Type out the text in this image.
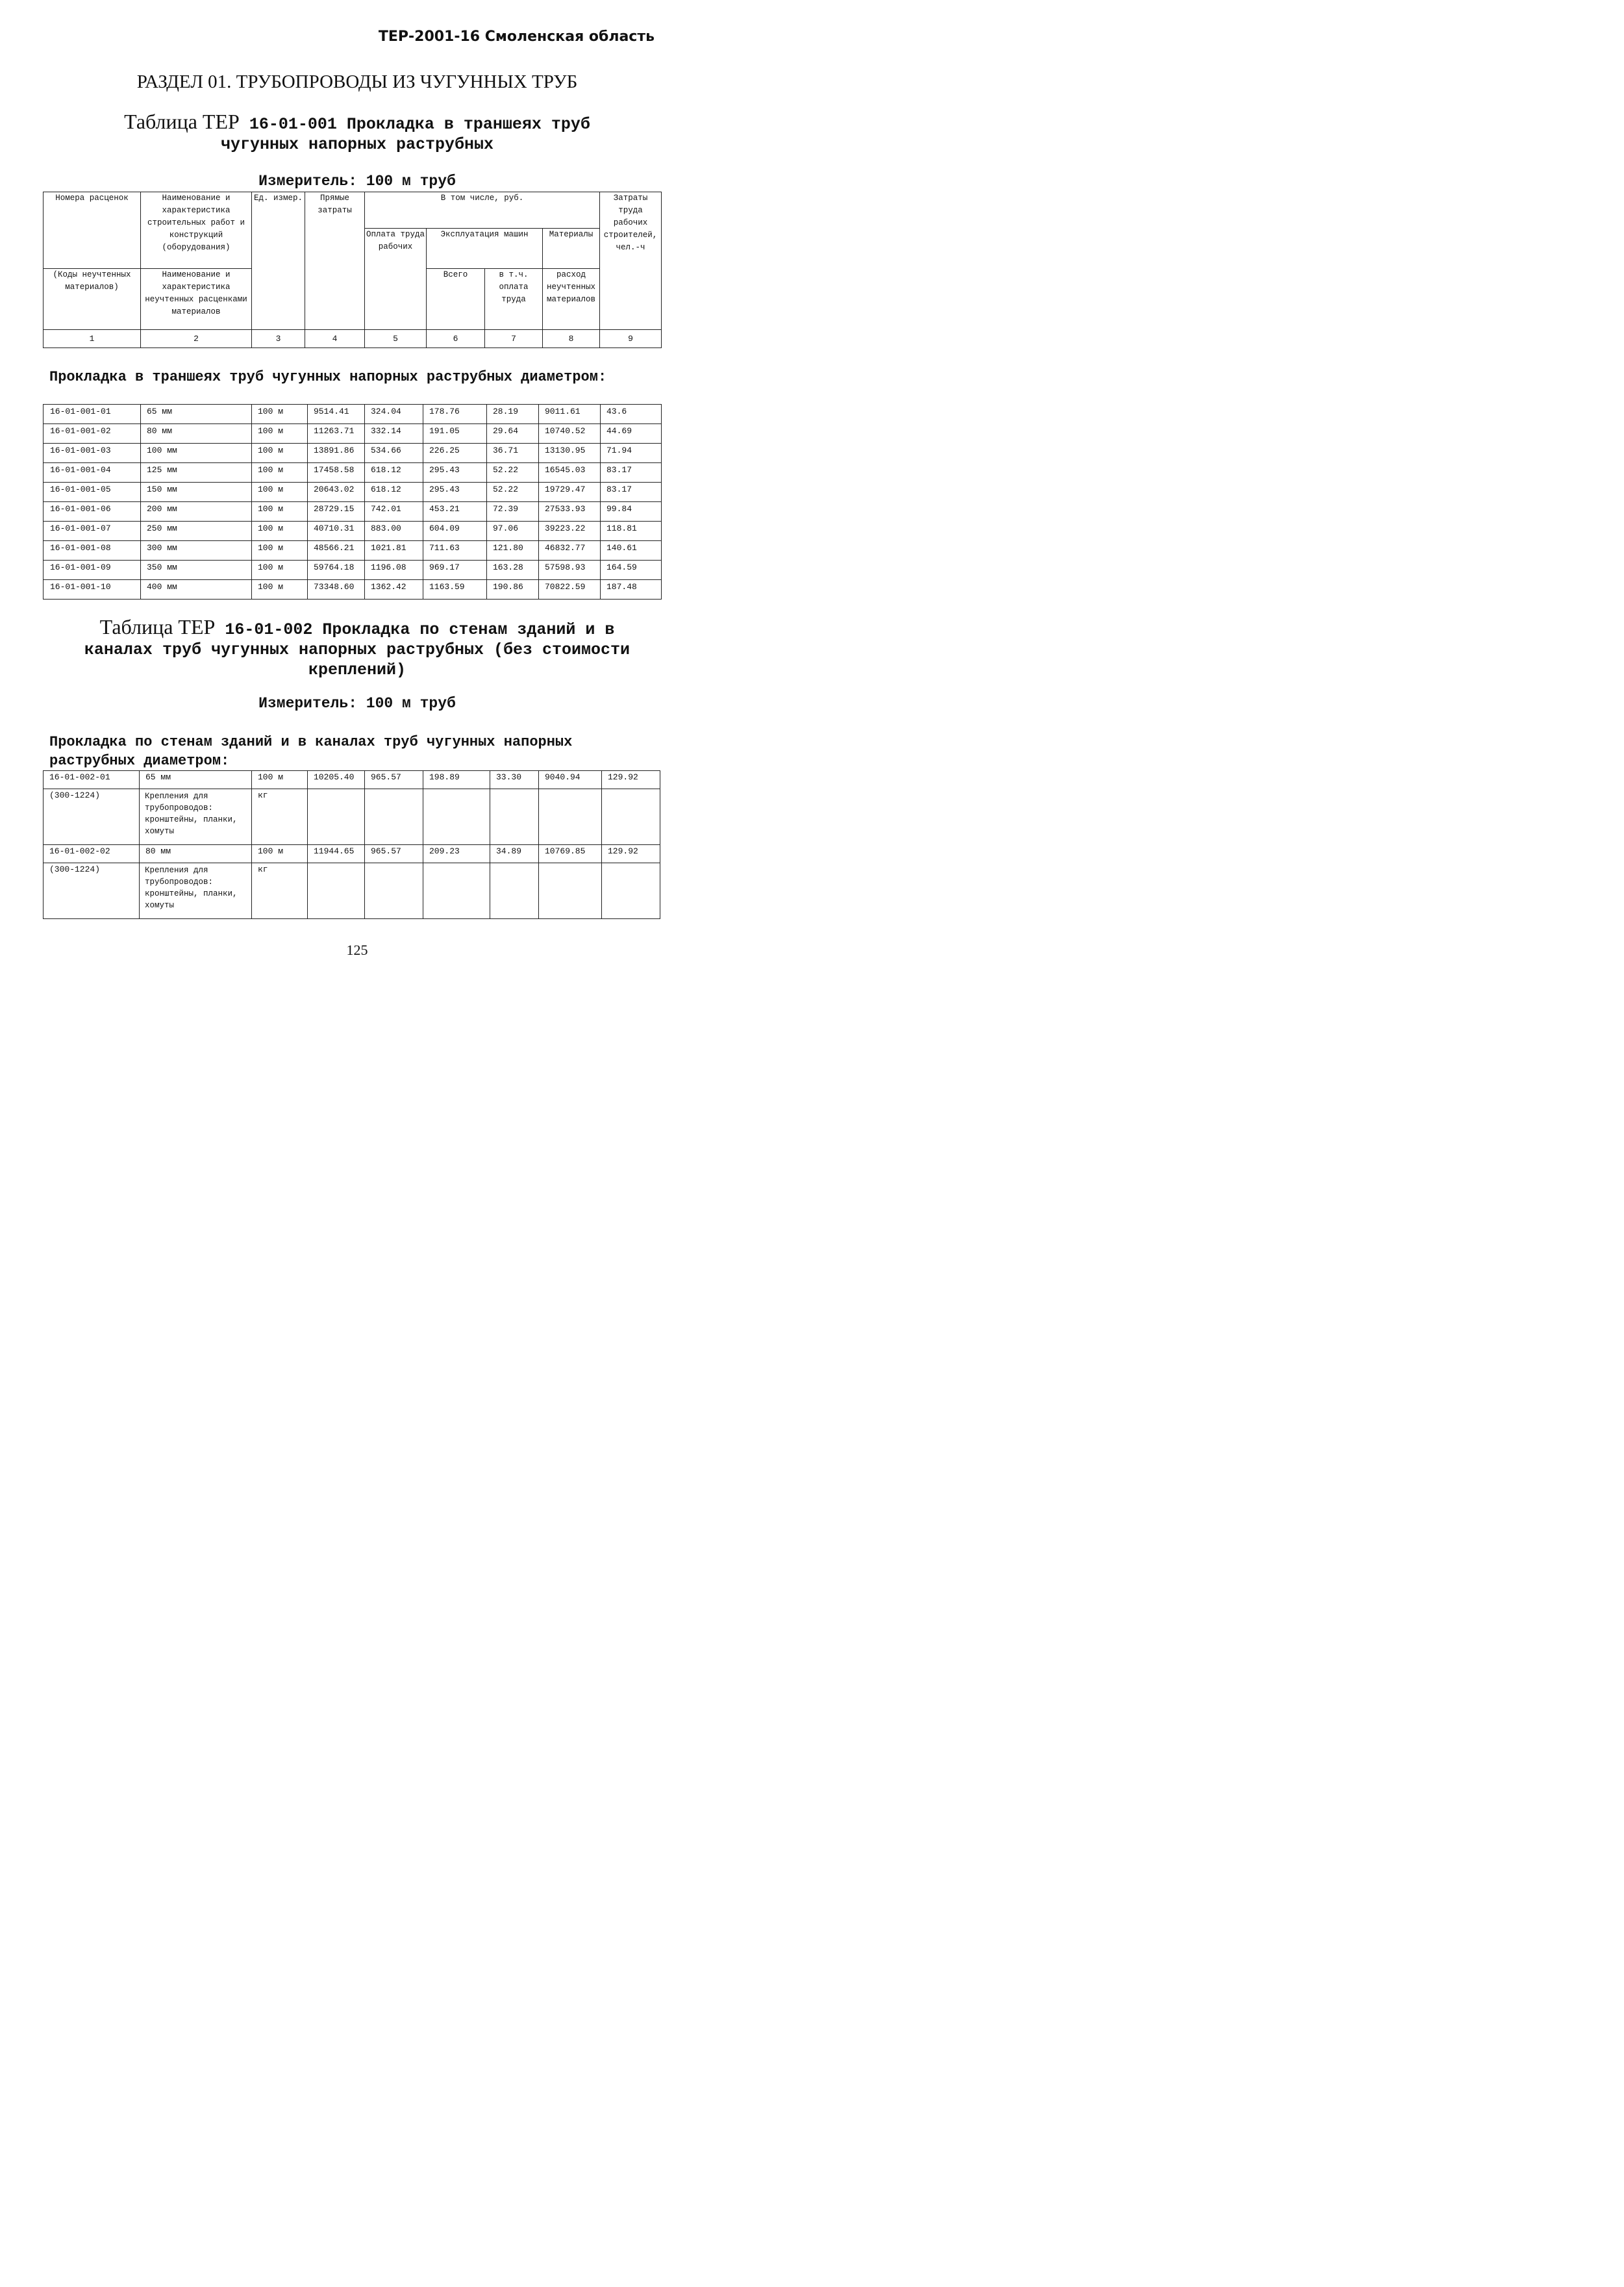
ТЕР-2001-16 Смоленская область
РАЗДЕЛ 01. ТРУБОПРОВОДЫ ИЗ ЧУГУННЫХ ТРУБ
Таблица ТЕР 16-01-001 Прокладка в траншеях труб
чугунных напорных раструбных
Измеритель: 100 м труб
Номера расценок	Наименование и характеристика строительных работ и конструкций (оборудования)	Ед. измер.	Прямые затраты	В том числе, руб.				Затраты труда рабочих строителей, чел.-ч
				Оплата труда рабочих	Эксплуатация машин		Материалы	
(Коды неучтенных материалов)	Наименование и характеристика неучтенных расценками материалов				Всего	в т.ч. оплата труда	расход неучтенных материалов	

1	2	3	4	5	6	7	8	9
Прокладка в траншеях труб чугунных напорных раструбных диаметром:
16-01-001-01	65 мм	100 м	9514.41	324.04	178.76	28.19	9011.61	43.6
16-01-001-02	80 мм	100 м	11263.71	332.14	191.05	29.64	10740.52	44.69
16-01-001-03	100 мм	100 м	13891.86	534.66	226.25	36.71	13130.95	71.94
16-01-001-04	125 мм	100 м	17458.58	618.12	295.43	52.22	16545.03	83.17
16-01-001-05	150 мм	100 м	20643.02	618.12	295.43	52.22	19729.47	83.17
16-01-001-06	200 мм	100 м	28729.15	742.01	453.21	72.39	27533.93	99.84
16-01-001-07	250 мм	100 м	40710.31	883.00	604.09	97.06	39223.22	118.81
16-01-001-08	300 мм	100 м	48566.21	1021.81	711.63	121.80	46832.77	140.61
16-01-001-09	350 мм	100 м	59764.18	1196.08	969.17	163.28	57598.93	164.59
16-01-001-10	400 мм	100 м	73348.60	1362.42	1163.59	190.86	70822.59	187.48
Таблица ТЕР 16-01-002 Прокладка по стенам зданий и в
каналах труб чугунных напорных раструбных (без стоимости
креплений)
Измеритель: 100 м труб
Прокладка по стенам зданий и в каналах труб чугунных напорных раструбных диаметром:
16-01-002-01	65 мм	100 м	10205.40	965.57	198.89	33.30	9040.94	129.92
(300-1224)	Крепления для трубопроводов: кронштейны, планки, хомуты	кг						
16-01-002-02	80 мм	100 м	11944.65	965.57	209.23	34.89	10769.85	129.92
(300-1224)	Крепления для трубопроводов: кронштейны, планки, хомуты	кг						
125
